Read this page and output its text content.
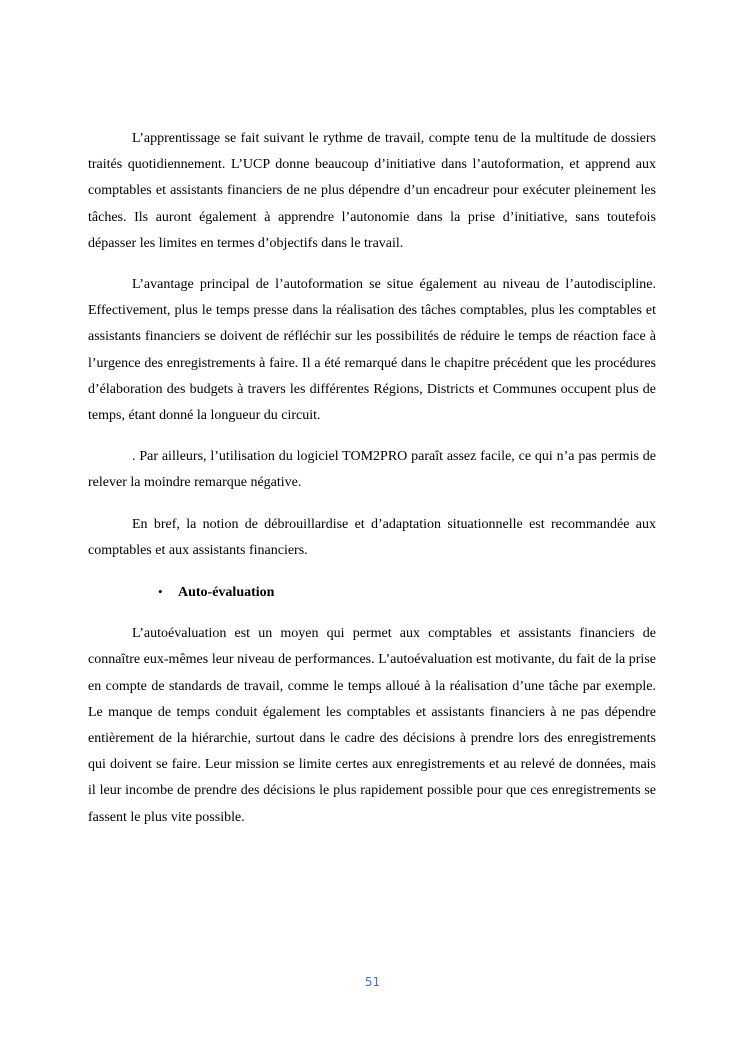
L’apprentissage se fait suivant le rythme de travail, compte tenu de la multitude de dossiers traités quotidiennement. L’UCP donne beaucoup d’initiative dans l’autoformation, et apprend aux comptables et assistants financiers de ne plus dépendre d’un encadreur pour exécuter pleinement les tâches. Ils auront également à apprendre l’autonomie dans la prise d’initiative, sans toutefois dépasser les limites en termes d’objectifs dans le travail.

L’avantage principal de l’autoformation se situe également au niveau de l’autodiscipline. Effectivement, plus le temps presse dans la réalisation des tâches comptables, plus les comptables et assistants financiers se doivent de réfléchir sur les possibilités de réduire le temps de réaction face à l’urgence des enregistrements à faire. Il a été remarqué dans le chapitre précédent que les procédures d’élaboration des budgets à travers les différentes Régions, Districts et Communes occupent plus de temps, étant donné la longueur du circuit.

. Par ailleurs, l’utilisation du logiciel TOM2PRO paraît assez facile, ce qui n’a pas permis de relever la moindre remarque négative.

En bref, la notion de débrouillardise et d’adaptation situationnelle est recommandée aux comptables et aux assistants financiers.

•	Auto-évaluation

L’autoévaluation est un moyen qui permet aux comptables et assistants financiers de connaître eux-mêmes leur niveau de performances. L’autoévaluation est motivante, du fait de la prise en compte de standards de travail, comme le temps alloué à la réalisation d’une tâche par exemple. Le manque de temps conduit également les comptables et assistants financiers à ne pas dépendre entièrement de la hiérarchie, surtout dans le cadre des décisions à prendre lors des enregistrements qui doivent se faire. Leur mission se limite certes aux enregistrements et au relevé de données, mais il leur incombe de prendre des décisions le plus rapidement possible pour que ces enregistrements se fassent le plus vite possible.

51
